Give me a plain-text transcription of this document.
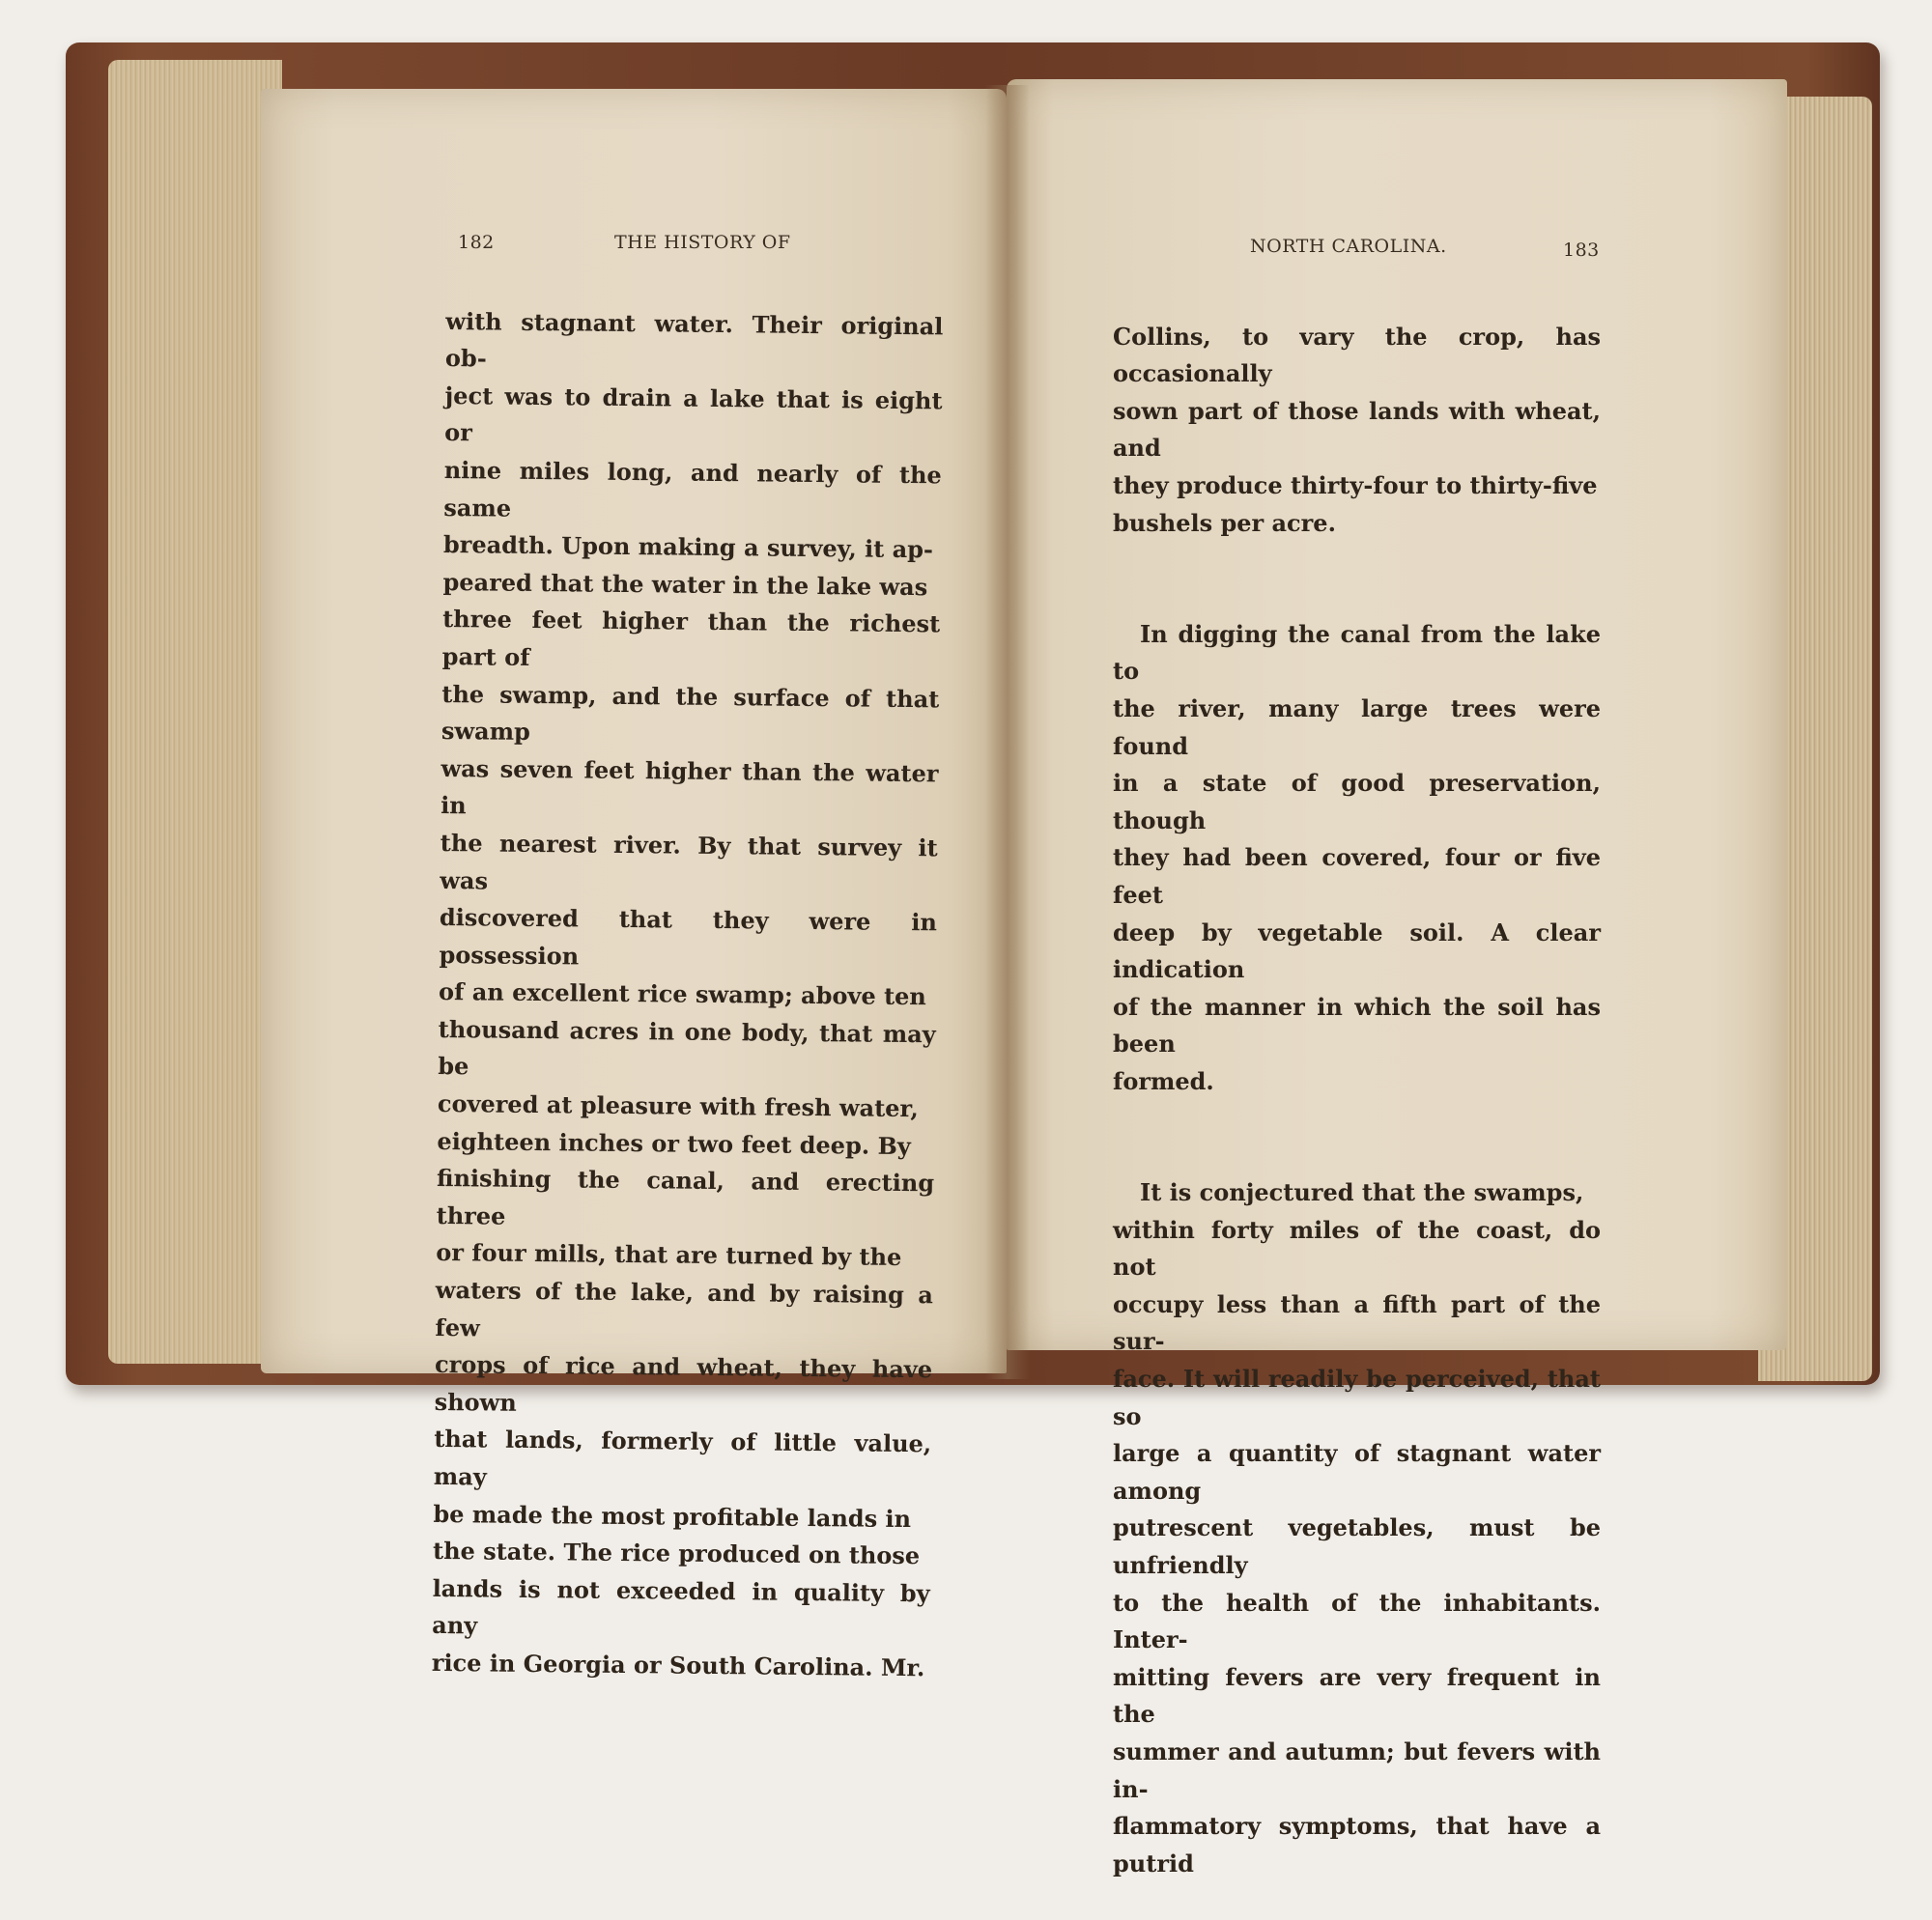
182	THE HISTORY OF

with stagnant water. Their original ob-
ject was to drain a lake that is eight or
nine miles long, and nearly of the same
breadth. Upon making a survey, it ap-
peared that the water in the lake was
three feet higher than the richest part of
the swamp, and the surface of that swamp
was seven feet higher than the water in
the nearest river. By that survey it was
discovered that they were in possession
of an excellent rice swamp; above ten
thousand acres in one body, that may be
covered at pleasure with fresh water,
eighteen inches or two feet deep. By
finishing the canal, and erecting three
or four mills, that are turned by the
waters of the lake, and by raising a few
crops of rice and wheat, they have shown
that lands, formerly of little value, may
be made the most profitable lands in
the state. The rice produced on those
lands is not exceeded in quality by any
rice in Georgia or South Carolina. Mr.

NORTH CAROLINA.	183

Collins, to vary the crop, has occasionally
sown part of those lands with wheat, and
they produce thirty-four to thirty-five
bushels per acre.

In digging the canal from the lake to
the river, many large trees were found
in a state of good preservation, though
they had been covered, four or five feet
deep by vegetable soil. A clear indication
of the manner in which the soil has been
formed.

It is conjectured that the swamps,
within forty miles of the coast, do not
occupy less than a fifth part of the sur-
face. It will readily be perceived, that so
large a quantity of stagnant water among
putrescent vegetables, must be unfriendly
to the health of the inhabitants. Inter-
mitting fevers are very frequent in the
summer and autumn; but fevers with in-
flammatory symptoms, that have a putrid
